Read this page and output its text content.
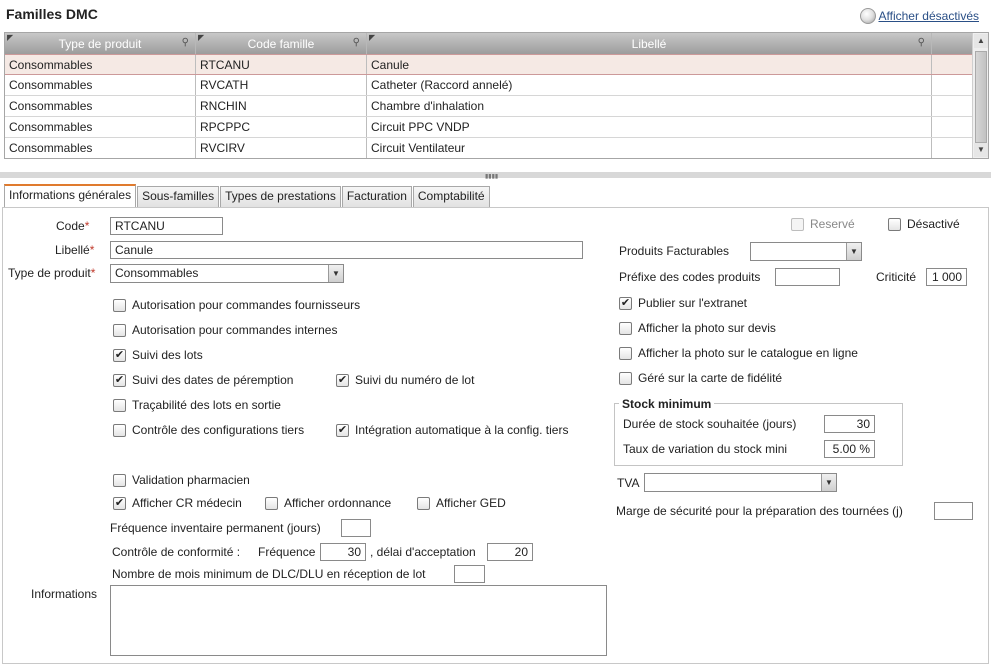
Familles DMC	Afficher désactivés
◤	Type de produit	⚲ ◤	Code famille	⚲ ◤	Libellé	⚲
Consommables	RTCANU	Canule
Consommables	RVCATH	Catheter (Raccord annelé)
Consommables	RNCHIN	Chambre d'inhalation
Consommables	RPCPPC	Circuit PPC VNDP
Consommables	RVCIRV	Circuit Ventilateur
▲
▼
▮▮▮▮
Informations générales Sous-familles Types de prestations Facturation Comptabilité
Code*	RTCANU
Libellé*	Canule
Type de produit*	Consommables	▼
Autorisation pour commandes fournisseurs
Autorisation pour commandes internes
✔ Suivi des lots
✔ Suivi des dates de péremption	✔ Suivi du numéro de lot
Traçabilité des lots en sortie
Contrôle des configurations tiers	✔ Intégration automatique à la config. tiers
Validation pharmacien
✔ Afficher CR médecin	Afficher ordonnance	Afficher GED
Fréquence inventaire permanent (jours)
Contrôle de conformité : Fréquence	30 , délai d'acceptation	20
Nombre de mois minimum de DLC/DLU en réception de lot
Informations
Reservé	Désactivé
Produits Facturables	▼
Préfixe des codes produits	Criticité	1 000
✔ Publier sur l'extranet
Afficher la photo sur devis
Afficher la photo sur le catalogue en ligne
Géré sur la carte de fidélité
Stock minimum
Durée de stock souhaitée (jours)	30
Taux de variation du stock mini	5.00 %
TVA	▼
Marge de sécurité pour la préparation des tournées (j)
